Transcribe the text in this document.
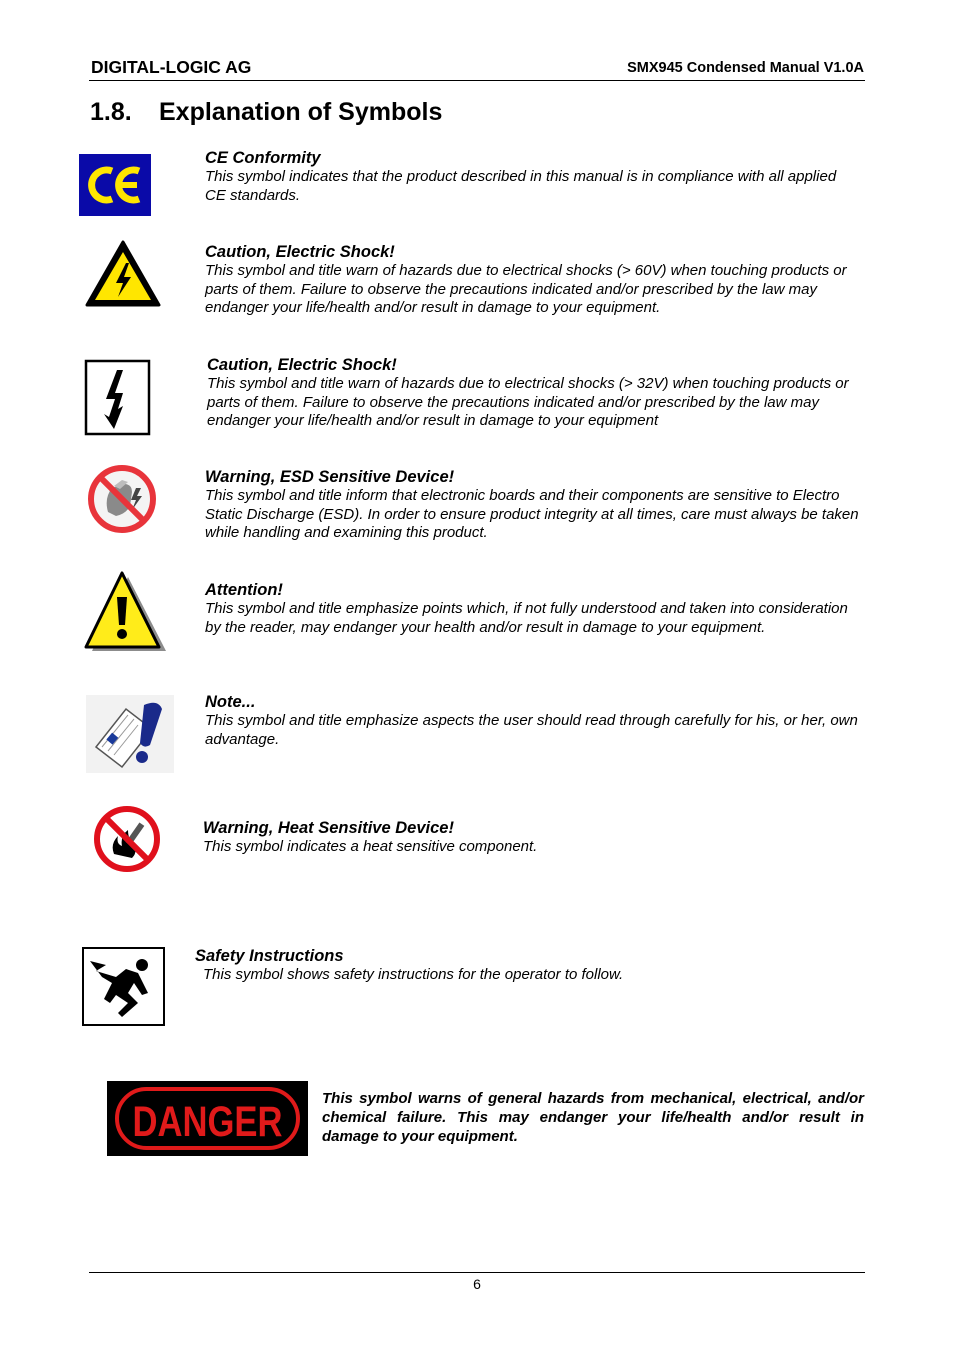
DIGITAL-LOGIC AG	SMX945 Condensed Manual V1.0A
1.8. Explanation of Symbols
CE Conformity
This symbol indicates that the product described in this manual is in compliance with all applied CE standards.
Caution, Electric Shock!
This symbol and title warn of hazards due to electrical shocks (> 60V) when touching products or parts of them. Failure to observe the precautions indicated and/or prescribed by the law may endanger your life/health and/or result in damage to your equipment.
Caution, Electric Shock!
This symbol and title warn of hazards due to electrical shocks (> 32V) when touching products or parts of them. Failure to observe the precautions indicated and/or prescribed by the law may endanger your life/health and/or result in damage to your equipment
Warning, ESD Sensitive Device!
This symbol and title inform that electronic boards and their components are sensitive to Electro Static Discharge (ESD). In order to ensure product integrity at all times, care must always be taken while handling and examining this product.
Attention!
This symbol and title emphasize points which, if not fully understood and taken into consideration by the reader, may endanger your health and/or result in damage to your equipment.
Note...
This symbol and title emphasize aspects the user should read through carefully for his, or her, own advantage.
Warning, Heat Sensitive Device!
This symbol indicates a heat sensitive component.
Safety Instructions
This symbol shows safety instructions for the operator to follow.
DANGER	This symbol warns of general hazards from mechanical, electrical, and/or chemical failure. This may endanger your life/health and/or result in damage to your equipment.
6
